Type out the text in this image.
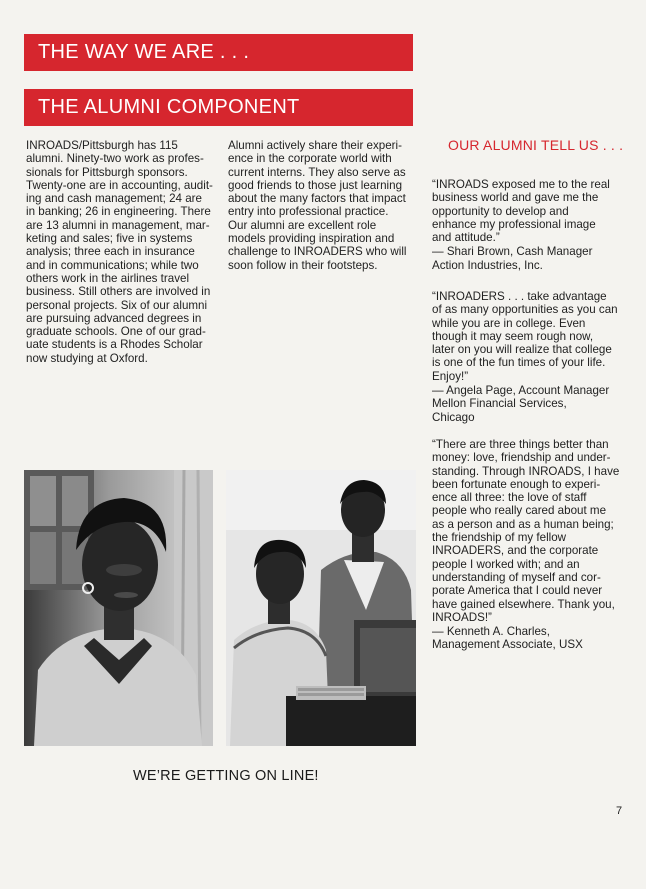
THE WAY WE ARE . . .
THE ALUMNI COMPONENT
INROADS/Pittsburgh has 115
alumni. Ninety-two work as profes-
sionals for Pittsburgh sponsors.
Twenty-one are in accounting, audit-
ing and cash management; 24 are
in banking; 26 in engineering. There
are 13 alumni in management, mar-
keting and sales; five in systems
analysis; three each in insurance
and in communications; while two
others work in the airlines travel
business. Still others are involved in
personal projects. Six of our alumni
are pursuing advanced degrees in
graduate schools. One of our grad-
uate students is a Rhodes Scholar
now studying at Oxford.
Alumni actively share their experi-
ence in the corporate world with
current interns. They also serve as
good friends to those just learning
about the many factors that impact
entry into professional practice.
Our alumni are excellent role
models providing inspiration and
challenge to INROADERS who will
soon follow in their footsteps.
OUR ALUMNI TELL US . . .
“INROADS exposed me to the real
business world and gave me the
opportunity to develop and
enhance my professional image
and attitude.”
— Shari Brown, Cash Manager
Action Industries, Inc.
“INROADERS . . . take advantage
of as many opportunities as you can
while you are in college. Even
though it may seem rough now,
later on you will realize that college
is one of the fun times of your life.
Enjoy!”
— Angela Page, Account Manager
Mellon Financial Services,
Chicago
“There are three things better than
money: love, friendship and under-
standing. Through INROADS, I have
been fortunate enough to experi-
ence all three: the love of staff
people who really cared about me
as a person and as a human being;
the friendship of my fellow
INROADERS, and the corporate
people I worked with; and an
understanding of myself and cor-
porate America that I could never
have gained elsewhere. Thank you,
INROADS!”
— Kenneth A. Charles,
Management Associate, USX
WE’RE GETTING ON LINE!
7
